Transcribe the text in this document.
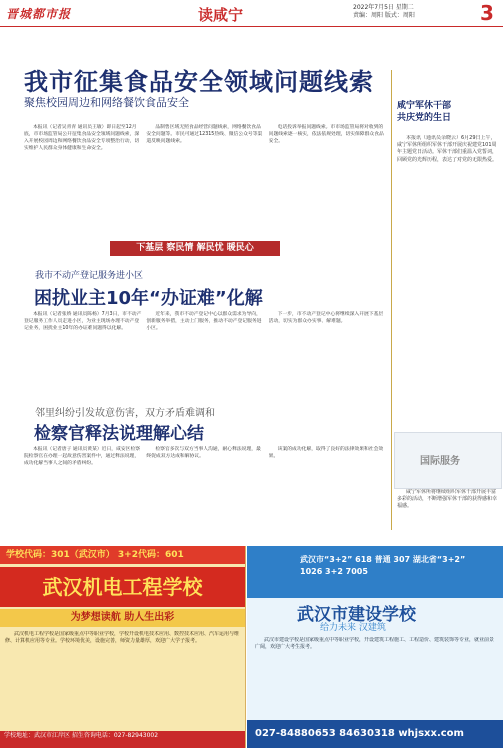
晋城都市报	读咸宁	2022年7月5日 星期二
责编：周阳 版式：周阳	3
我市征集食品安全领域问题线索
聚焦校园周边和网络餐饮食品安全

本报讯（记者吴青青 通讯员王敏）即日起至12月底，市市场监管局公开征集食品安全领域问题线索，深入开展校园周边和网络餐饮食品安全专项整治行动，切实维护人民群众身体健康和生命安全。

品制售区域无照食品经营问题线索，网络餐饮食品安全问题等。市民可通过12315热线、微信公众号等渠道反映问题线索。

电话投诉举报问题线索。市市场监管局将对收到的问题线索逐一核实，依法依规处理，切实保障群众食品安全。

下基层 察民情 解民忧 暖民心
我市不动产登记服务进小区
困扰业主10年“办证难”化解

本报讯（记者张娇 通讯员陈杨）7月3日，市不动产登记服务工作人员走进小区，为业主现场办理不动产登记业务，困扰业主10年的办证难问题得以化解。

近年来，我市不动产登记中心以群众需求为导向，创新服务举措，主动上门服务，推动不动产登记服务进小区。

下一步，市不动产登记中心将继续深入开展下基层活动，切实为群众办实事、解难题。

邻里纠纷引发故意伤害，双方矛盾难调和
检察官释法说理解心结

本报讯（记者唐子 通讯员黄某）近日，咸安区检察院检察官在办理一起故意伤害案件中，通过释法说理，成功化解当事人之间的矛盾纠纷。

检察官多次与双方当事人沟通，耐心释法说理，最终促成双方达成和解协议。

该案的成功化解，取得了良好的法律效果和社会效果。

咸宁军休干部
共庆党的生日

本报讯（通讯员余晓云）6月29日上午，咸宁军休所组织军休干部开展庆祝建党101周年主题党日活动。军休干部们重温入党誓词，回顾党的光辉历程，表达了对党的无限热爱。

国际服务

咸宁军休所将继续组织军休干部开展丰富多彩的活动，不断增强军休干部的获得感和幸福感。

学校代码：301（武汉市） 3+2代码：601
武汉机电工程学校
为梦想读航 助人生出彩

武汉机电工程学校是国家级重点中等职业学校，学校开设机电技术应用、数控技术应用、汽车运用与维修、计算机应用等专业。学校环境优美，设施完善，师资力量雄厚，欢迎广大学子报考。

学校地址：武汉市江岸区 招生咨询电话：027-82943002
武汉市“3+2” 618 普通 307 湖北省“3+2” 1026 3+2 7005
武汉市建设学校
给力未来 汉建筑

武汉市建设学校是国家级重点中等职业学校，开设建筑工程施工、工程造价、建筑装饰等专业，就业前景广阔，欢迎广大考生报考。

027-84880653 84630318 whjsxx.com
